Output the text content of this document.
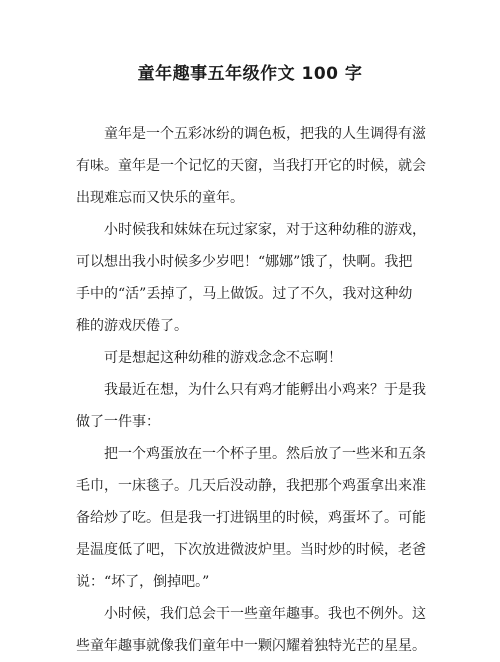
童年趣事五年级作文 100 字

童年是一个五彩冰纷的调色板，把我的人生调得有滋
有味。童年是一个记忆的天窗，当我打开它的时候，就会
出现难忘而又快乐的童年。

小时候我和妹妹在玩过家家，对于这种幼稚的游戏，
可以想出我小时候多少岁吧！“娜娜”饿了，快啊。我把
手中的“活”丢掉了，马上做饭。过了不久，我对这种幼
稚的游戏厌倦了。

可是想起这种幼稚的游戏念念不忘啊！

我最近在想，为什么只有鸡才能孵出小鸡来？于是我
做了一件事：

把一个鸡蛋放在一个杯子里。然后放了一些米和五条
毛巾，一床毯子。几天后没动静，我把那个鸡蛋拿出来准
备给炒了吃。但是我一打进锅里的时候，鸡蛋坏了。可能
是温度低了吧，下次放进微波炉里。当时炒的时候，老爸
说：“坏了，倒掉吧。”

小时候，我们总会干一些童年趣事。我也不例外。这
些童年趣事就像我们童年中一颗闪耀着独特光芒的星星。
